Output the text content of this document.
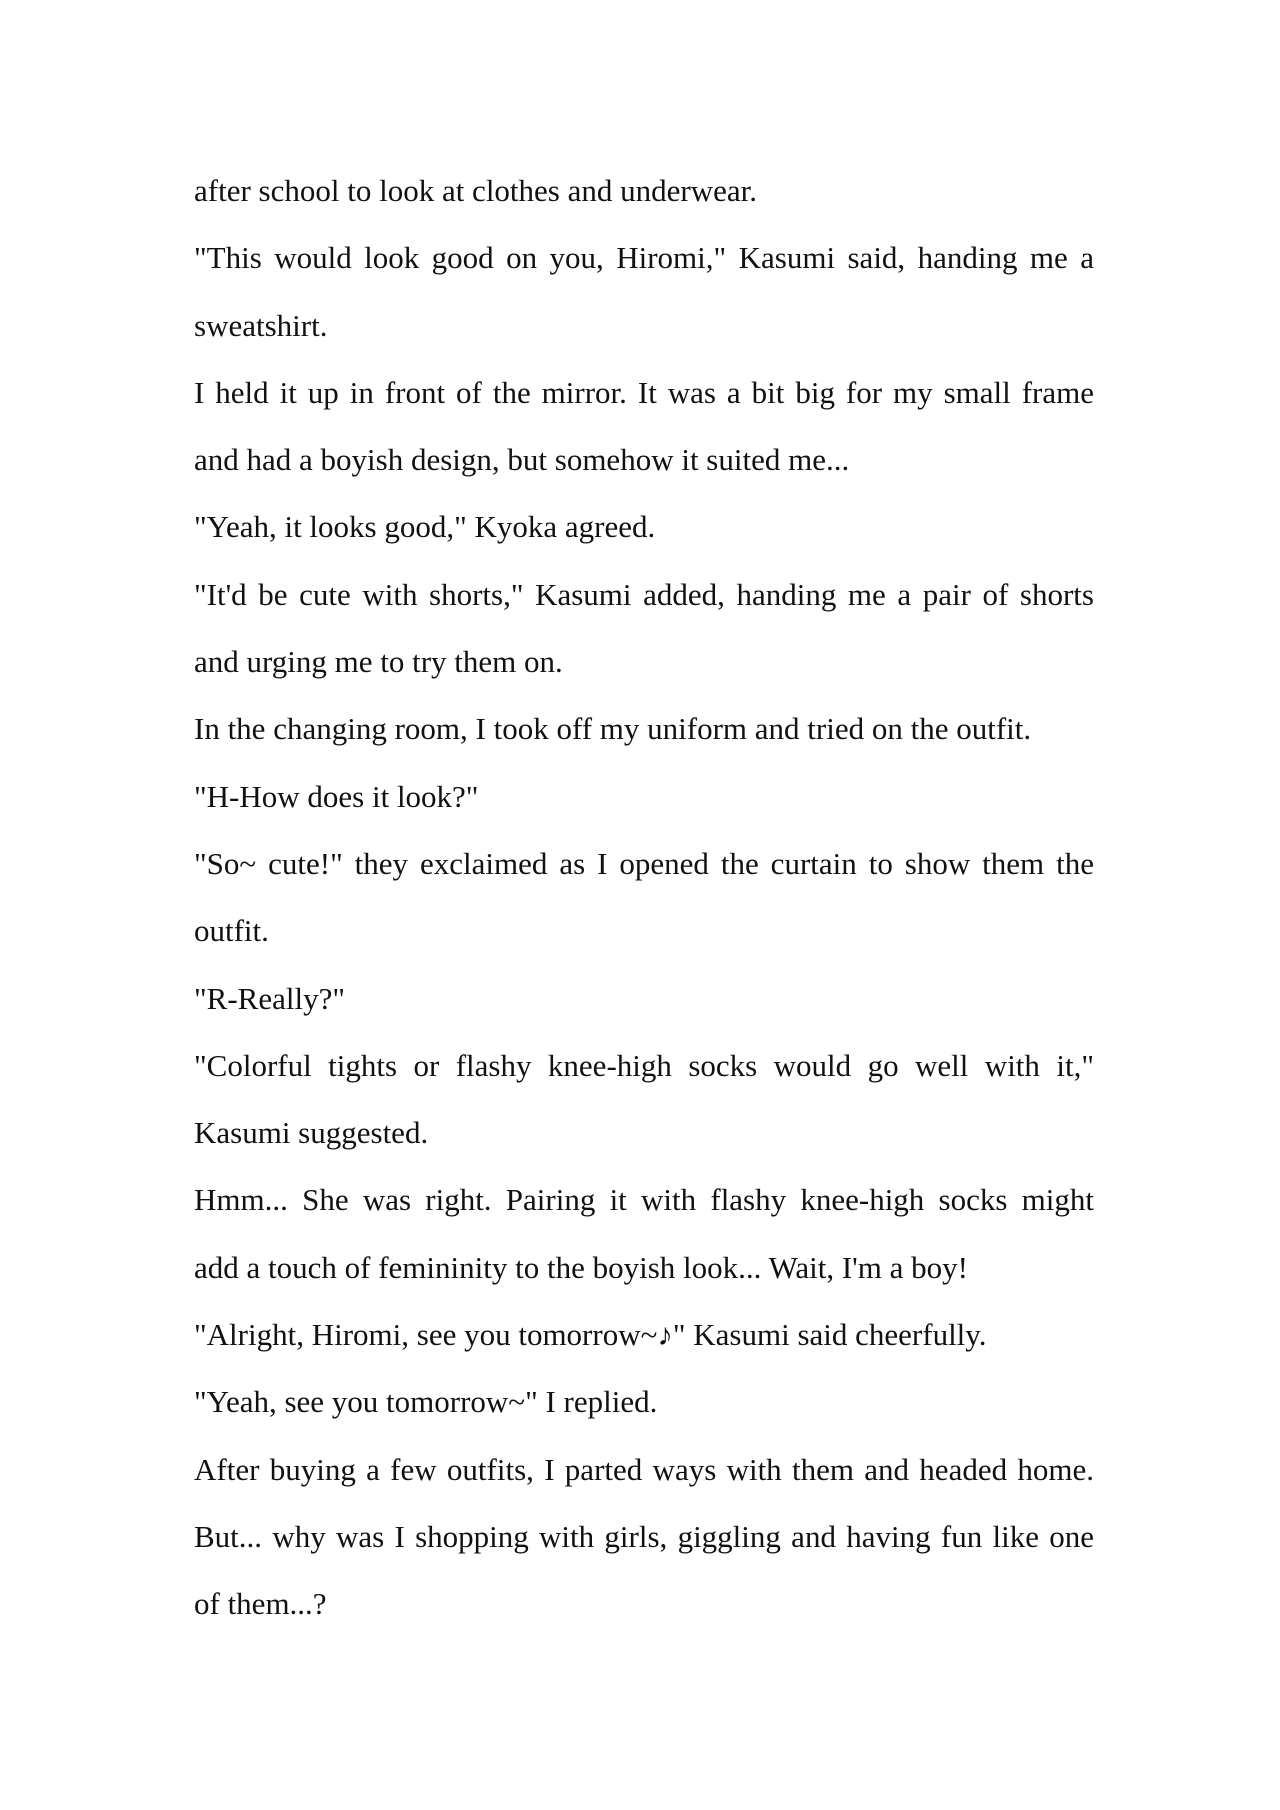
after school to look at clothes and underwear.
"This would look good on you, Hiromi," Kasumi said, handing me a
sweatshirt.
I held it up in front of the mirror. It was a bit big for my small frame
and had a boyish design, but somehow it suited me...
"Yeah, it looks good," Kyoka agreed.
"It'd be cute with shorts," Kasumi added, handing me a pair of shorts
and urging me to try them on.
In the changing room, I took off my uniform and tried on the outfit.
"H-How does it look?"
"So~ cute!" they exclaimed as I opened the curtain to show them the
outfit.
"R-Really?"
"Colorful tights or flashy knee-high socks would go well with it,"
Kasumi suggested.
Hmm... She was right. Pairing it with flashy knee-high socks might
add a touch of femininity to the boyish look... Wait, I'm a boy!
"Alright, Hiromi, see you tomorrow~♪" Kasumi said cheerfully.
"Yeah, see you tomorrow~" I replied.
After buying a few outfits, I parted ways with them and headed home.
But... why was I shopping with girls, giggling and having fun like one
of them...?
